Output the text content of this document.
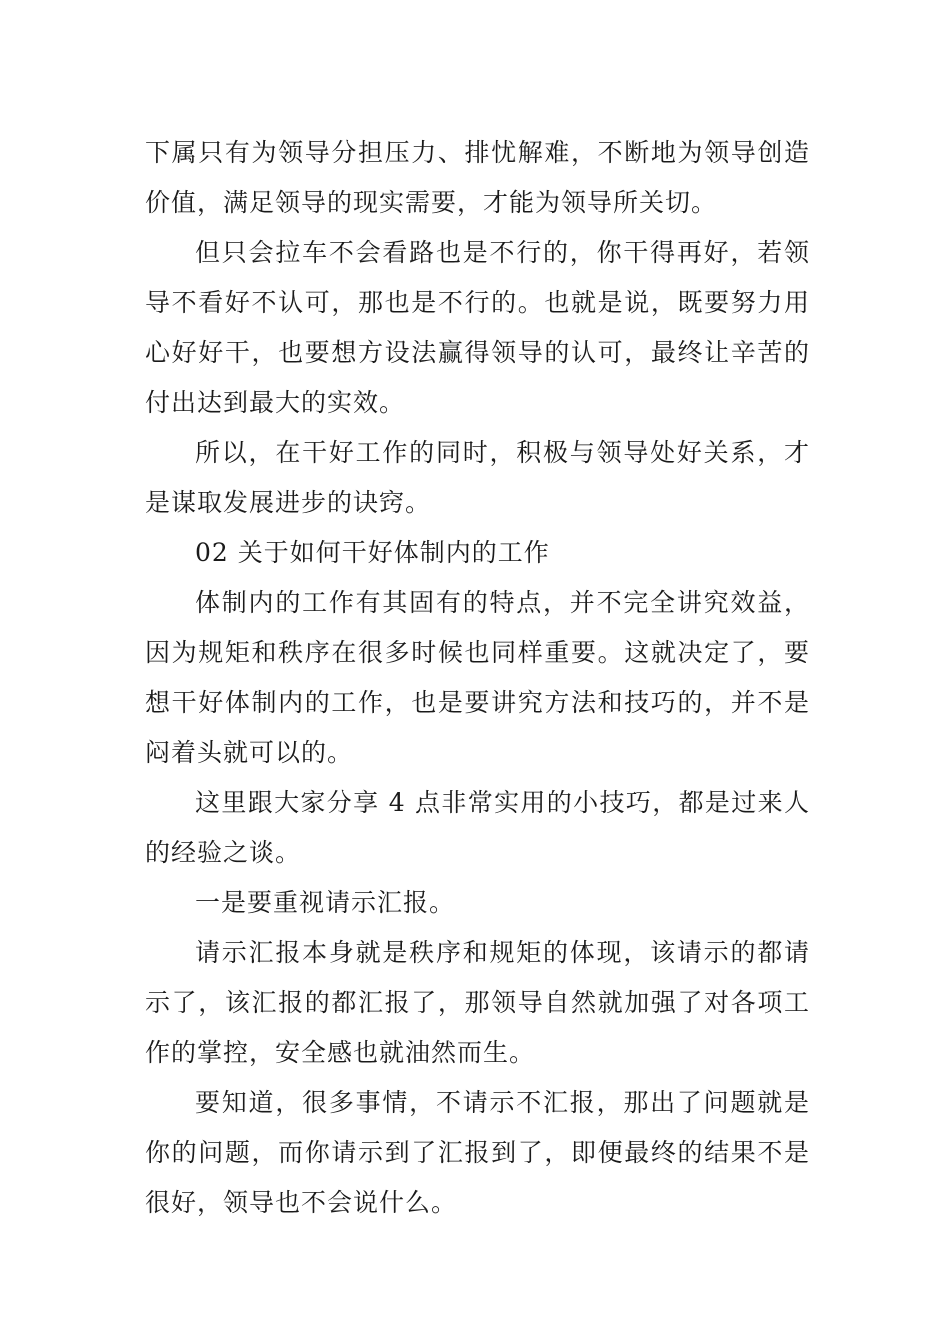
下属只有为领导分担压力、排忧解难，不断地为领导创造价值，满足领导的现实需要，才能为领导所关切。

但只会拉车不会看路也是不行的，你干得再好，若领导不看好不认可，那也是不行的。也就是说，既要努力用心好好干，也要想方设法赢得领导的认可，最终让辛苦的付出达到最大的实效。

所以，在干好工作的同时，积极与领导处好关系，才是谋取发展进步的诀窍。

02 关于如何干好体制内的工作

体制内的工作有其固有的特点，并不完全讲究效益，因为规矩和秩序在很多时候也同样重要。这就决定了，要想干好体制内的工作，也是要讲究方法和技巧的，并不是闷着头就可以的。

这里跟大家分享 4 点非常实用的小技巧，都是过来人的经验之谈。

一是要重视请示汇报。

请示汇报本身就是秩序和规矩的体现，该请示的都请示了，该汇报的都汇报了，那领导自然就加强了对各项工作的掌控，安全感也就油然而生。

要知道，很多事情，不请示不汇报，那出了问题就是你的问题，而你请示到了汇报到了，即便最终的结果不是很好，领导也不会说什么。
